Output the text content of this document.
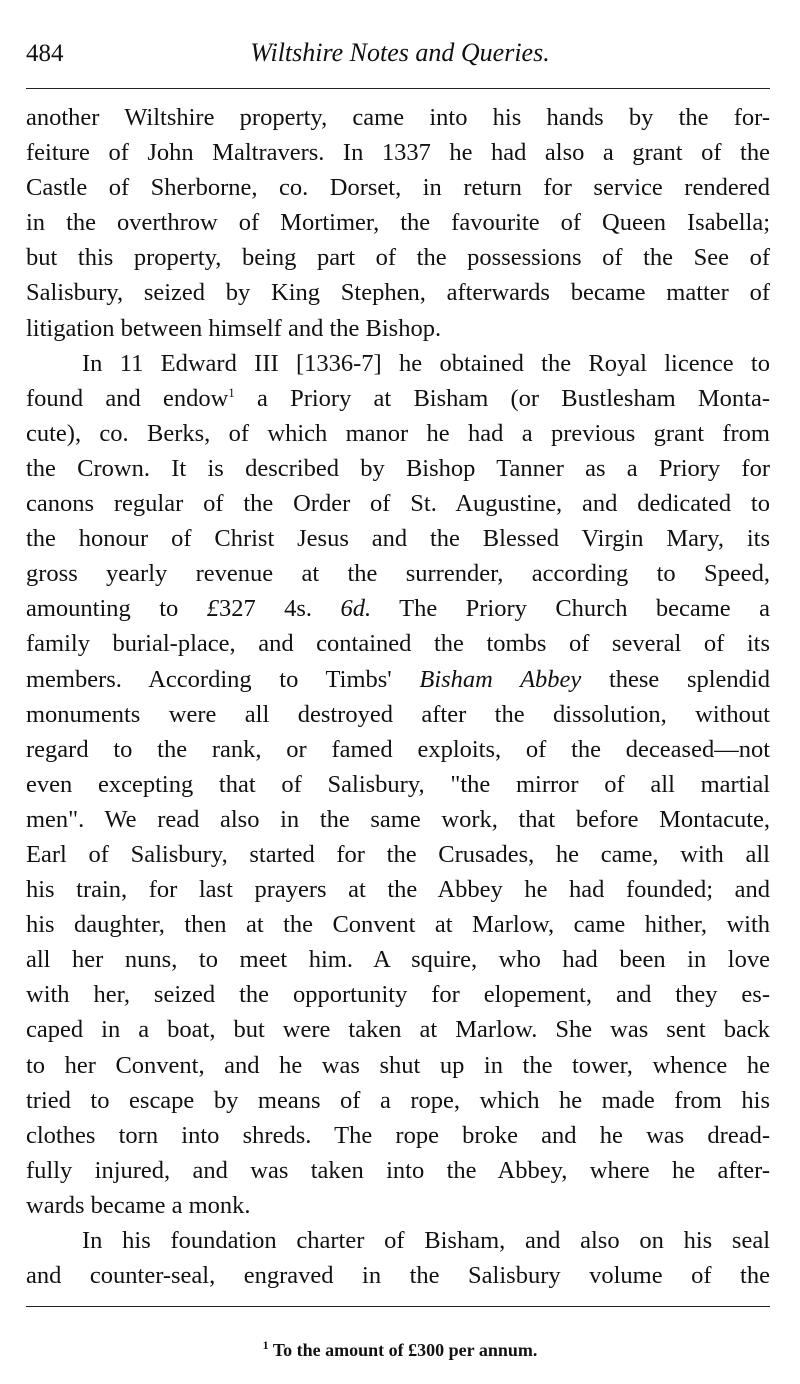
484	Wiltshire Notes and Queries.
another Wiltshire property, came into his hands by the for-
feiture of John Maltravers. In 1337 he had also a grant of the
Castle of Sherborne, co. Dorset, in return for service rendered
in the overthrow of Mortimer, the favourite of Queen Isabella;
but this property, being part of the possessions of the See of
Salisbury, seized by King Stephen, afterwards became matter of
litigation between himself and the Bishop.
In 11 Edward III [1336-7] he obtained the Royal licence to
found and endow$^1$ a Priory at Bisham (or Bustlesham Monta-
cute), co. Berks, of which manor he had a previous grant from
the Crown. It is described by Bishop Tanner as a Priory for
canons regular of the Order of St. Augustine, and dedicated to
the honour of Christ Jesus and the Blessed Virgin Mary, its
gross yearly revenue at the surrender, according to Speed,
amounting to £327 4s. 6d. The Priory Church became a
family burial-place, and contained the tombs of several of its
members. According to Timbs' Bisham Abbey these splendid
monuments were all destroyed after the dissolution, without
regard to the rank, or famed exploits, of the deceased—not
even excepting that of Salisbury, "the mirror of all martial
men". We read also in the same work, that before Montacute,
Earl of Salisbury, started for the Crusades, he came, with all
his train, for last prayers at the Abbey he had founded; and
his daughter, then at the Convent at Marlow, came hither, with
all her nuns, to meet him. A squire, who had been in love
with her, seized the opportunity for elopement, and they es-
caped in a boat, but were taken at Marlow. She was sent back
to her Convent, and he was shut up in the tower, whence he
tried to escape by means of a rope, which he made from his
clothes torn into shreds. The rope broke and he was dread-
fully injured, and was taken into the Abbey, where he after-
wards became a monk.
In his foundation charter of Bisham, and also on his seal
and counter-seal, engraved in the Salisbury volume of the
$^1$ To the amount of £300 per annum.
